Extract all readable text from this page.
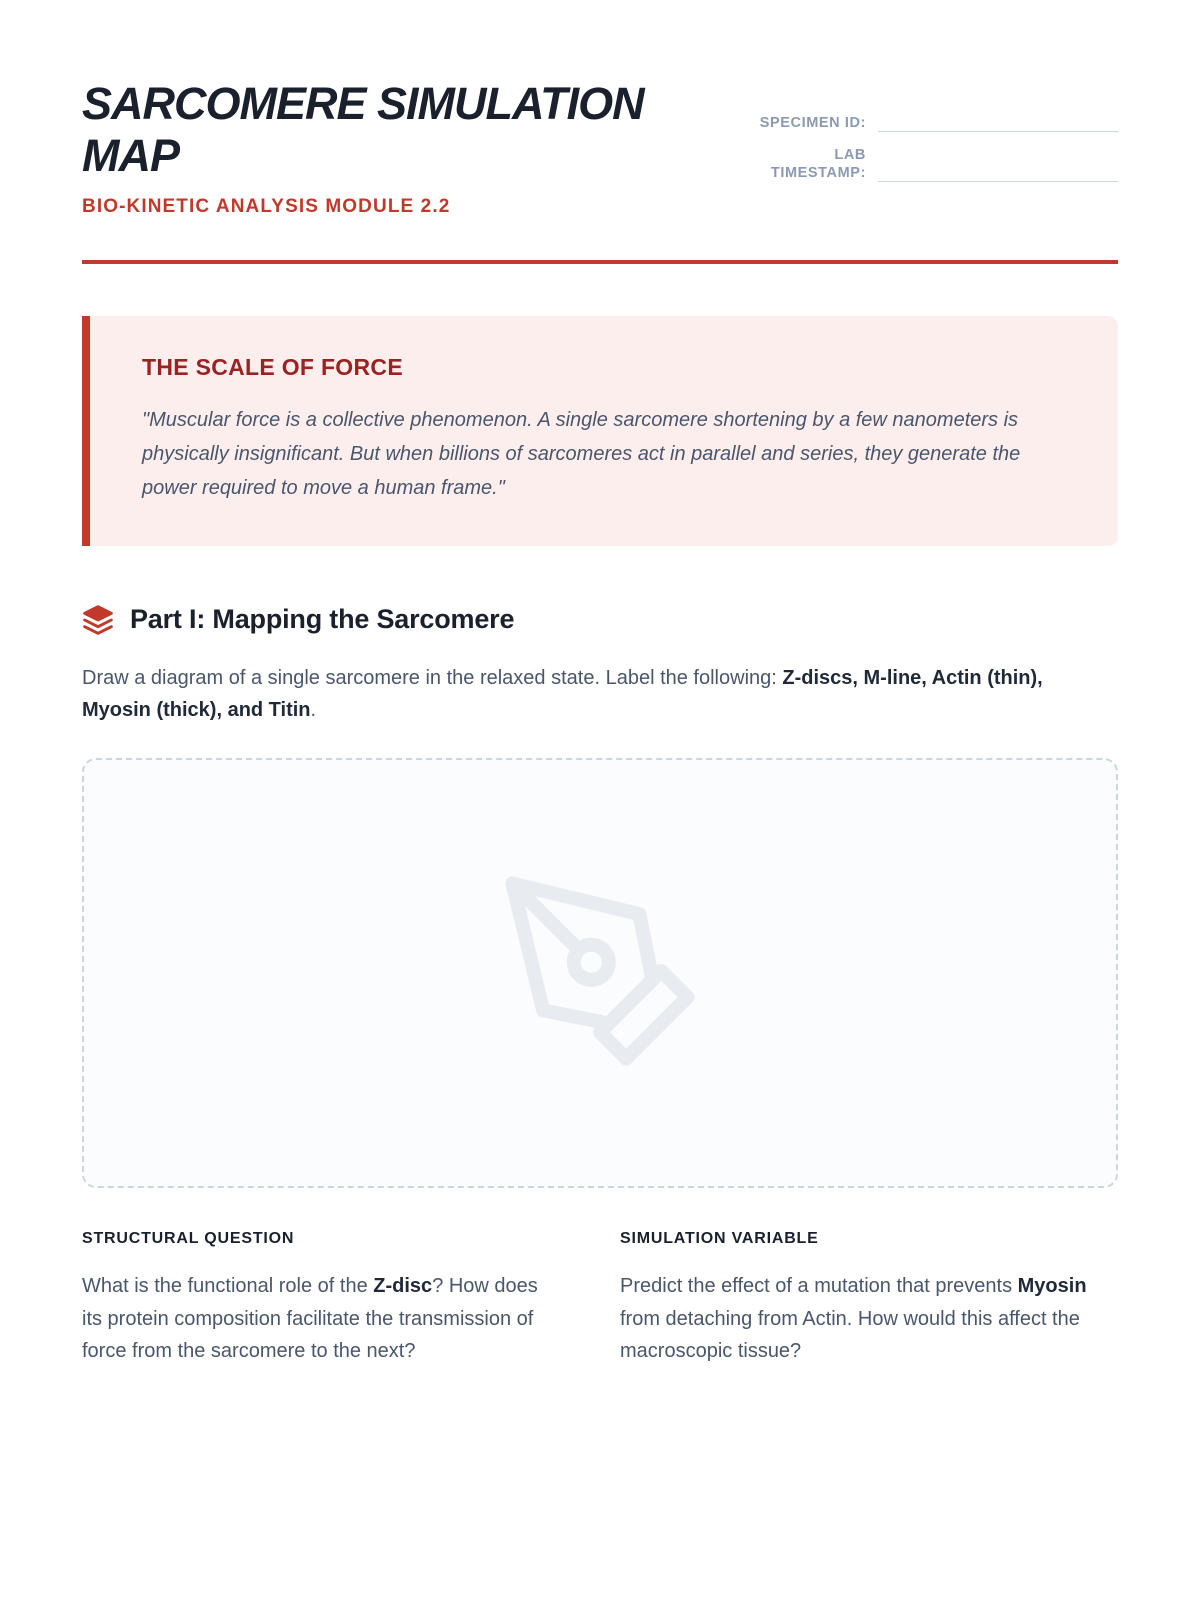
SARCOMERE SIMULATION MAP
BIO-KINETIC ANALYSIS MODULE 2.2
SPECIMEN ID:
LAB TIMESTAMP:
THE SCALE OF FORCE

"Muscular force is a collective phenomenon. A single sarcomere shortening by a few nanometers is physically insignificant. But when billions of sarcomeres act in parallel and series, they generate the power required to move a human frame."

Part I: Mapping the Sarcomere
Draw a diagram of a single sarcomere in the relaxed state. Label the following: Z-discs, M-line, Actin (thin), Myosin (thick), and Titin.
STRUCTURAL QUESTION
What is the functional role of the Z-disc? How does its protein composition facilitate the transmission of force from the sarcomere to the next?
SIMULATION VARIABLE
Predict the effect of a mutation that prevents Myosin from detaching from Actin. How would this affect the macroscopic tissue?
